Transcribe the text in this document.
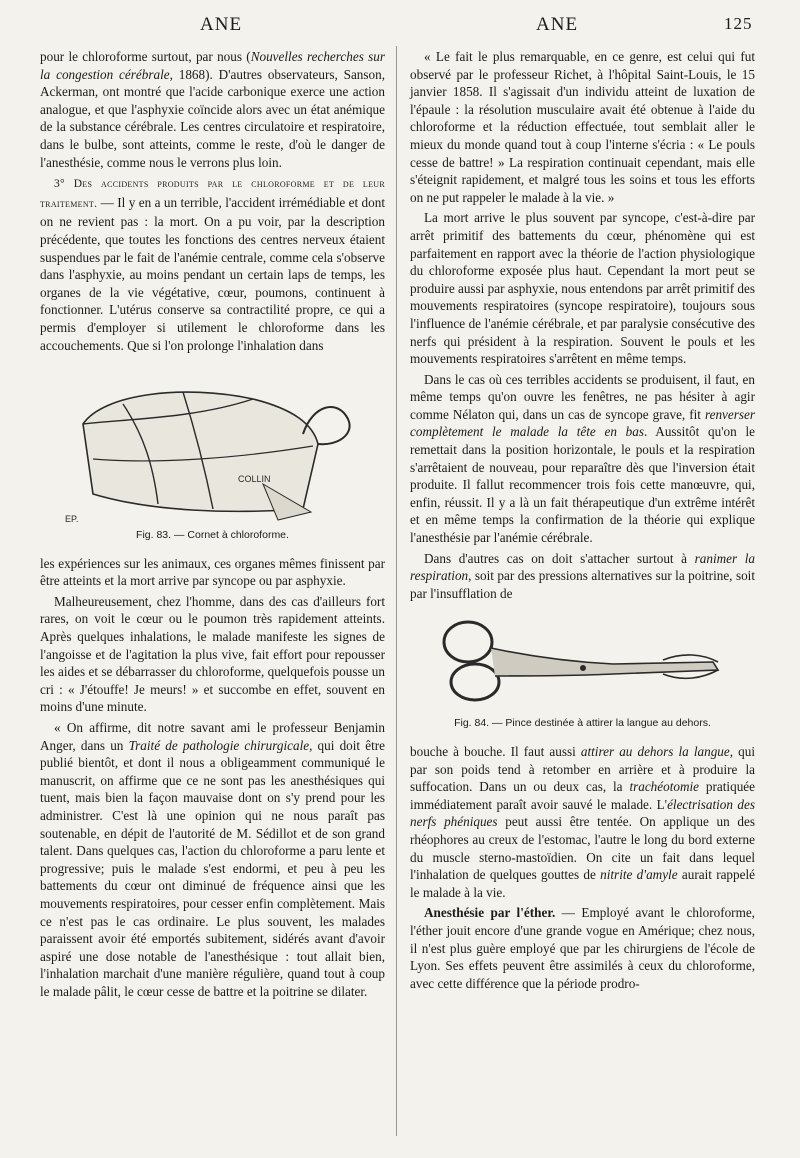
ANE	ANE	125

pour le chloroforme surtout, par nous (Nouvelles recherches sur la congestion cérébrale, 1868). D'autres observateurs, Sanson, Ackerman, ont montré que l'acide carbonique exerce une action analogue, et que l'asphyxie coïncide alors avec un état anémique de la substance cérébrale. Les centres circulatoire et respiratoire, dans le bulbe, sont atteints, comme le reste, d'où le danger de l'anesthésie, comme nous le verrons plus loin.

3° Des accidents produits par le chloroforme et de leur traitement. — Il y en a un terrible, l'accident irrémédiable et dont on ne revient pas : la mort. On a pu voir, par la description précédente, que toutes les fonctions des centres nerveux étaient suspendues par le fait de l'anémie centrale, comme cela s'observe dans l'asphyxie, au moins pendant un certain laps de temps, les organes de la vie végétative, cœur, poumons, continuent à fonctionner. L'utérus conserve sa contractilité propre, ce qui a permis d'employer si utilement le chloroforme dans les accouchements. Que si l'on prolonge l'inhalation dans

COLLIN
EP.
Fig. 83. — Cornet à chloroforme.

les expériences sur les animaux, ces organes mêmes finissent par être atteints et la mort arrive par syncope ou par asphyxie.

Malheureusement, chez l'homme, dans des cas d'ailleurs fort rares, on voit le cœur ou le poumon très rapidement atteints. Après quelques inhalations, le malade manifeste les signes de l'angoisse et de l'agitation la plus vive, fait effort pour repousser les aides et se débarrasser du chloroforme, quelquefois pousse un cri : « J'étouffe! Je meurs! » et succombe en effet, souvent en moins d'une minute.

« On affirme, dit notre savant ami le professeur Benjamin Anger, dans un Traité de pathologie chirurgicale, qui doit être publié bientôt, et dont il nous a obligeamment communiqué le manuscrit, on affirme que ce ne sont pas les anesthésiques qui tuent, mais bien la façon mauvaise dont on s'y prend pour les administrer. C'est là une opinion qui ne nous paraît pas soutenable, en dépit de l'autorité de M. Sédillot et de son grand talent. Dans quelques cas, l'action du chloroforme a paru lente et progressive; puis le malade s'est endormi, et peu à peu les battements du cœur ont diminué de fréquence ainsi que les mouvements respiratoires, pour cesser enfin complètement. Mais ce n'est pas le cas ordinaire. Le plus souvent, les malades paraissent avoir été emportés subitement, sidérés avant d'avoir aspiré une dose notable de l'anesthésique : tout allait bien, l'inhalation marchait d'une manière régulière, quand tout à coup le malade pâlit, le cœur cesse de battre et la poitrine se dilater.

« Le fait le plus remarquable, en ce genre, est celui qui fut observé par le professeur Richet, à l'hôpital Saint-Louis, le 15 janvier 1858. Il s'agissait d'un individu atteint de luxation de l'épaule : la résolution musculaire avait été obtenue à l'aide du chloroforme et la réduction effectuée, tout semblait aller le mieux du monde quand tout à coup l'interne s'écria : « Le pouls cesse de battre! » La respiration continuait cependant, mais elle s'éteignit rapidement, et malgré tous les soins et tous les efforts on ne put rappeler le malade à la vie. »

La mort arrive le plus souvent par syncope, c'est-à-dire par arrêt primitif des battements du cœur, phénomène qui est parfaitement en rapport avec la théorie de l'action physiologique du chloroforme exposée plus haut. Cependant la mort peut se produire aussi par asphyxie, nous entendons par arrêt primitif des mouvements respiratoires (syncope respiratoire), toujours sous l'influence de l'anémie cérébrale, et par paralysie consécutive des nerfs qui président à la respiration. Souvent le pouls et les mouvements respiratoires s'arrêtent en même temps.

Dans le cas où ces terribles accidents se produisent, il faut, en même temps qu'on ouvre les fenêtres, ne pas hésiter à agir comme Nélaton qui, dans un cas de syncope grave, fit renverser complètement le malade la tête en bas. Aussitôt qu'on le remettait dans la position horizontale, le pouls et la respiration s'arrêtaient de nouveau, pour reparaître dès que l'inversion était produite. Il fallut recommencer trois fois cette manœuvre, qui, enfin, réussit. Il y a là un fait thérapeutique d'un extrême intérêt et en même temps la confirmation de la théorie qui explique l'anesthésie par l'anémie cérébrale.

Dans d'autres cas on doit s'attacher surtout à ranimer la respiration, soit par des pressions alternatives sur la poitrine, soit par l'insufflation de

Fig. 84. — Pince destinée à attirer la langue au dehors.

bouche à bouche. Il faut aussi attirer au dehors la langue, qui par son poids tend à retomber en arrière et à produire la suffocation. Dans un ou deux cas, la trachéotomie pratiquée immédiatement paraît avoir sauvé le malade. L'électrisation des nerfs phéniques peut aussi être tentée. On applique un des rhéophores au creux de l'estomac, l'autre le long du bord externe du muscle sterno-mastoïdien. On cite un fait dans lequel l'inhalation de quelques gouttes de nitrite d'amyle aurait rappelé le malade à la vie.

Anesthésie par l'éther. — Employé avant le chloroforme, l'éther jouit encore d'une grande vogue en Amérique; chez nous, il n'est plus guère employé que par les chirurgiens de l'école de Lyon. Ses effets peuvent être assimilés à ceux du chloroforme, avec cette différence que la période prodro-
